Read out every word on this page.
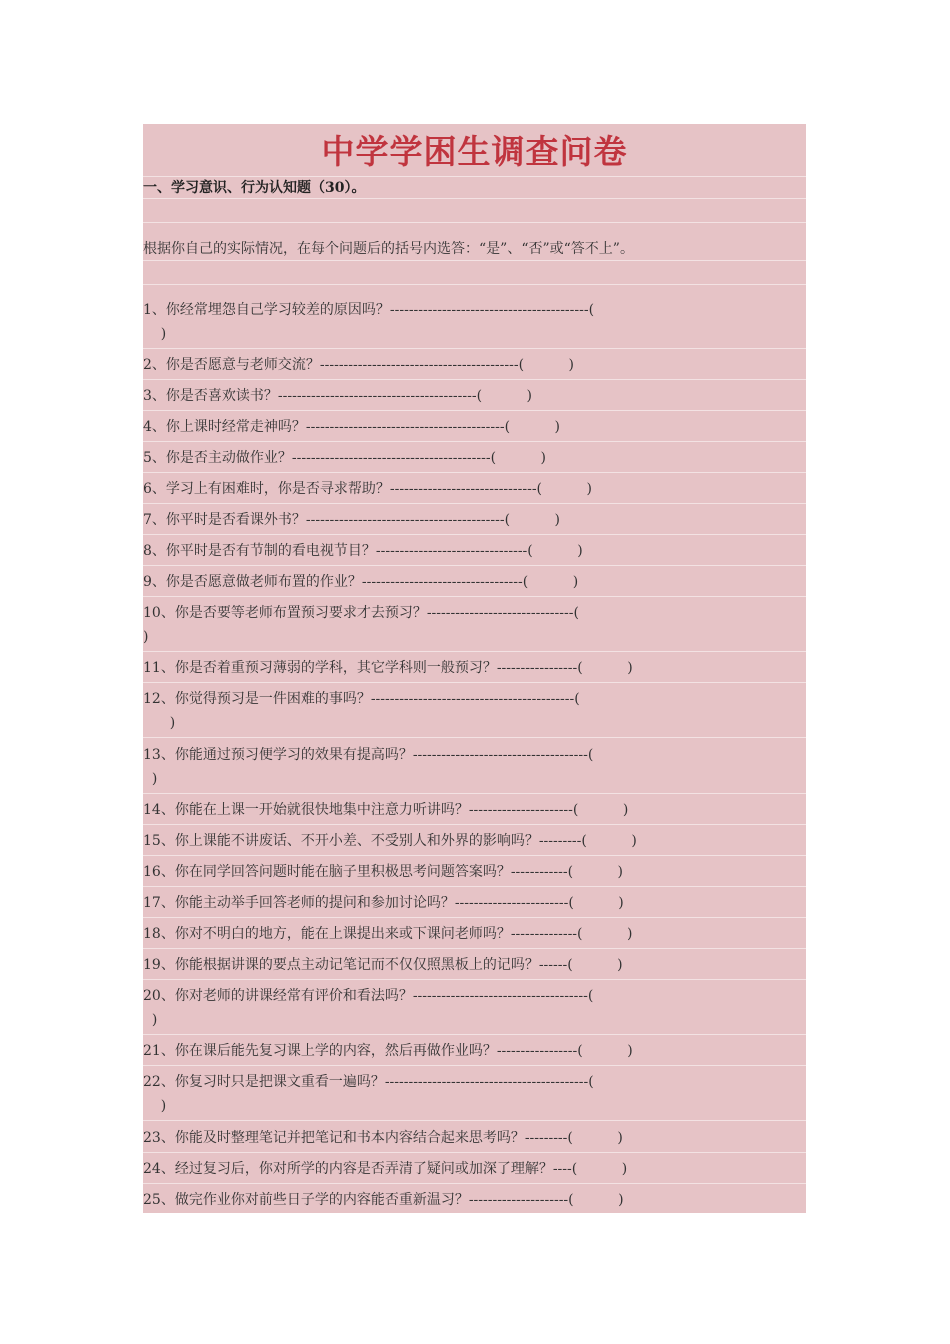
中学学困生调查问卷
一、学习意识、行为认知题（30）。
根据你自己的实际情况，在每个问题后的括号内选答：“是”、“否”或“答不上”。
1、你经常埋怨自己学习较差的原因吗？------------------------------------------(
)
2、你是否愿意与老师交流？------------------------------------------(          )
3、你是否喜欢读书？------------------------------------------(          )
4、你上课时经常走神吗？------------------------------------------(          )
5、你是否主动做作业？------------------------------------------(          )
6、学习上有困难时，你是否寻求帮助？-------------------------------(          )
7、你平时是否看课外书？------------------------------------------(          )
8、你平时是否有节制的看电视节目？--------------------------------(          )
9、你是否愿意做老师布置的作业？----------------------------------(          )
10、你是否要等老师布置预习要求才去预习？-------------------------------(
)
11、你是否着重预习薄弱的学科，其它学科则一般预习？-----------------(          )
12、你觉得预习是一件困难的事吗？-------------------------------------------(
)
13、你能通过预习便学习的效果有提高吗？-------------------------------------(
)
14、你能在上课一开始就很快地集中注意力听讲吗？----------------------(          )
15、你上课能不讲废话、不开小差、不受别人和外界的影响吗？---------(          )
16、你在同学回答问题时能在脑子里积极思考问题答案吗？------------(          )
17、你能主动举手回答老师的提问和参加讨论吗？------------------------(          )
18、你对不明白的地方，能在上课提出来或下课问老师吗？--------------(          )
19、你能根据讲课的要点主动记笔记而不仅仅照黑板上的记吗？------(          )
20、你对老师的讲课经常有评价和看法吗？-------------------------------------(
)
21、你在课后能先复习课上学的内容，然后再做作业吗？-----------------(          )
22、你复习时只是把课文重看一遍吗？-------------------------------------------(
)
23、你能及时整理笔记并把笔记和书本内容结合起来思考吗？---------(          )
24、经过复习后，你对所学的内容是否弄清了疑问或加深了理解？----(          )
25、做完作业你对前些日子学的内容能否重新温习？---------------------(          )
